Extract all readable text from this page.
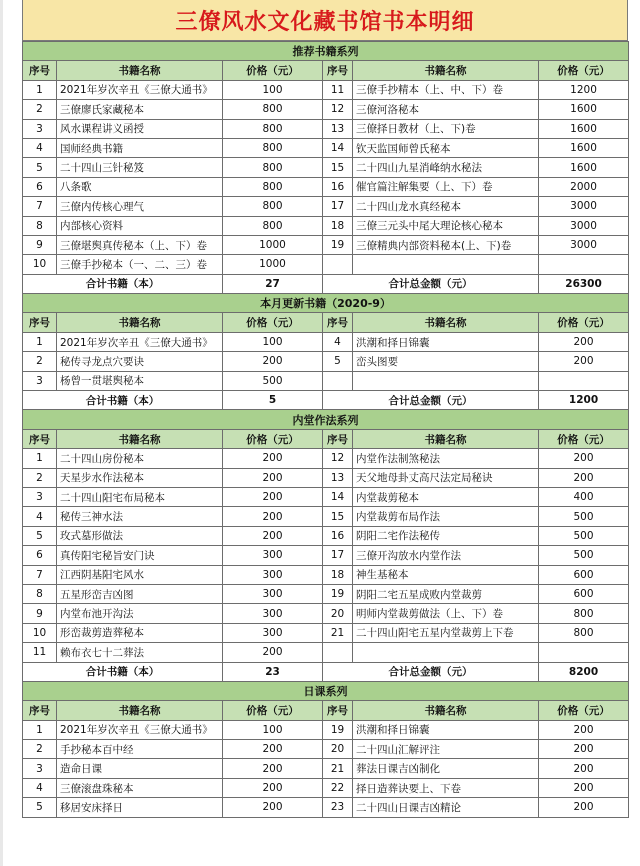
三僚风水文化藏书馆书本明细
推荐书籍系列					
序号	书籍名称	价格（元）	序号	书籍名称	价格（元）
1	2021年岁次辛丑《三僚大通书》	100	11	三僚手抄精本（上、中、下）卷	1200
2	三僚廖氏家藏秘本	800	12	三僚河洛秘本	1600
3	风水课程讲义函授	800	13	三僚择日教材（上、下)卷	1600
4	国师经典书籍	800	14	钦天监国师曾氏秘本	1600
5	二十四山三针秘笈	800	15	二十四山九星消峰纳水秘法	1600
6	八条歌	800	16	催官篇注解集要（上、下）卷	2000
7	三僚内传核心理气	800	17	二十四山龙水真经秘本	3000
8	内部核心资料	800	18	三僚三元头中尾大理论核心秘本	3000
9	三僚堪舆真传秘本（上、下）卷	1000	19	三僚精典内部资料秘本(上、下)卷	3000
10	三僚手抄秘本（一、二、三）卷	1000			
合计书籍（本）		27	合计总金额（元）		26300
本月更新书籍（2020-9）					
序号	书籍名称	价格（元）	序号	书籍名称	价格（元）
1	2021年岁次辛丑《三僚大通书》	100	4	洪潮和择日锦囊	200
2	秘传寻龙点穴要诀	200	5	峦头图要	200
3	杨曾一贯堪舆秘本	500			
合计书籍（本）		5	合计总金额（元）		1200
内堂作法系列					
序号	书籍名称	价格（元）	序号	书籍名称	价格（元）
1	二十四山房份秘本	200	12	内堂作法制煞秘法	200
2	天星步水作法秘本	200	13	天父地母卦丈高尺法定局秘诀	200
3	二十四山阳宅布局秘本	200	14	内堂裁剪秘本	400
4	秘传三神水法	200	15	内堂裁剪布局作法	500
5	玫式墓形做法	200	16	阴阳二宅作法秘传	500
6	真传阳宅秘旨安门诀	300	17	三僚开沟放水内堂作法	500
7	江西阴基阳宅风水	300	18	神生基秘本	600
8	五星形峦吉凶图	300	19	阴阳二宅五星成败内堂裁剪	600
9	内堂布池开沟法	300	20	明师内堂裁剪做法（上、下）卷	800
10	形峦裁剪造葬秘本	300	21	二十四山阳宅五星内堂裁剪上下卷	800
11	赖布衣七十二葬法	200			
合计书籍（本）		23	合计总金额（元）		8200
日课系列					
序号	书籍名称	价格（元）	序号	书籍名称	价格（元）
1	2021年岁次辛丑《三僚大通书》	100	19	洪潮和择日锦囊	200
2	手抄秘本百中经	200	20	二十四山汇解评注	200
3	造命日课	200	21	葬法日课吉凶制化	200
4	三僚滚盘珠秘本	200	22	择日造葬诀要上、下卷	200
5	移居安床择日	200	23	二十四山日课吉凶精论	200
